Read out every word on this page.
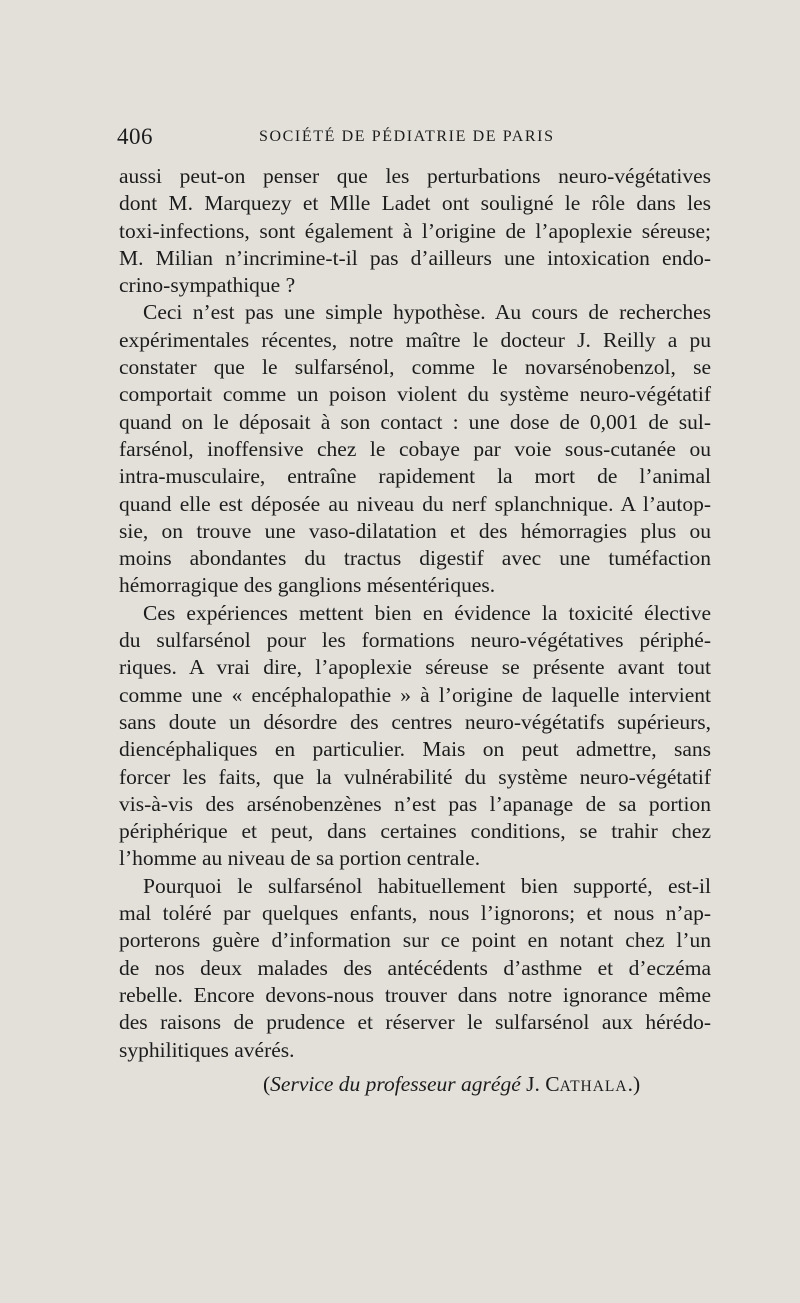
406	SOCIÉTÉ DE PÉDIATRIE DE PARIS

aussi peut-on penser que les perturbations neuro-végétatives

dont M. Marquezy et Mlle Ladet ont souligné le rôle dans les

toxi-infections, sont également à l’origine de l’apoplexie séreuse;

M. Milian n’incrimine-t-il pas d’ailleurs une intoxication endo-

crino-sympathique ?

Ceci n’est pas une simple hypothèse. Au cours de recherches

expérimentales récentes, notre maître le docteur J. Reilly a pu

constater que le sulfarsénol, comme le novarsénobenzol, se

comportait comme un poison violent du système neuro-végétatif

quand on le déposait à son contact : une dose de 0,001 de sul-

farsénol, inoffensive chez le cobaye par voie sous-cutanée ou

intra-musculaire, entraîne rapidement la mort de l’animal

quand elle est déposée au niveau du nerf splanchnique. A l’autop-

sie, on trouve une vaso-dilatation et des hémorragies plus ou

moins abondantes du tractus digestif avec une tuméfaction

hémorragique des ganglions mésentériques.

Ces expériences mettent bien en évidence la toxicité élective

du sulfarsénol pour les formations neuro-végétatives périphé-

riques. A vrai dire, l’apoplexie séreuse se présente avant tout

comme une « encéphalopathie » à l’origine de laquelle intervient

sans doute un désordre des centres neuro-végétatifs supérieurs,

diencéphaliques en particulier. Mais on peut admettre, sans

forcer les faits, que la vulnérabilité du système neuro-végétatif

vis-à-vis des arsénobenzènes n’est pas l’apanage de sa portion

périphérique et peut, dans certaines conditions, se trahir chez

l’homme au niveau de sa portion centrale.

Pourquoi le sulfarsénol habituellement bien supporté, est-il

mal toléré par quelques enfants, nous l’ignorons; et nous n’ap-

porterons guère d’information sur ce point en notant chez l’un

de nos deux malades des antécédents d’asthme et d’eczéma

rebelle. Encore devons-nous trouver dans notre ignorance même

des raisons de prudence et réserver le sulfarsénol aux hérédo-

syphilitiques avérés.

(Service du professeur agrégé J. CATHALA.)
